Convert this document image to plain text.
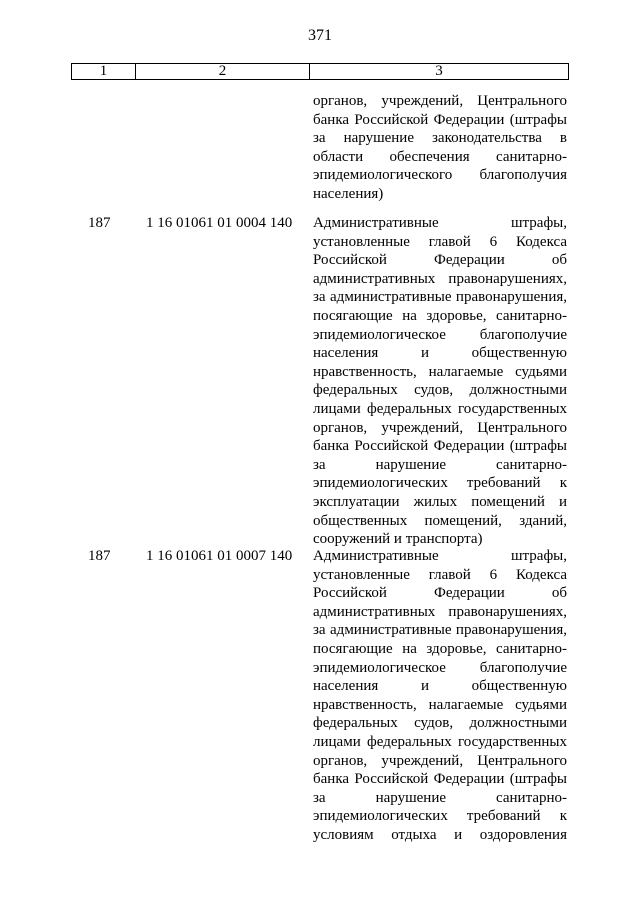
371
1	2	3
органов, учреждений, Центрального
банка Российской Федерации (штрафы
за нарушение законодательства в
области обеспечения санитарно-
эпидемиологического благополучия
населения)
187 1 16 01061 01 0004 140 Административные штрафы,
установленные главой 6 Кодекса
Российской Федерации об
административных правонарушениях,
за административные правонарушения,
посягающие на здоровье, санитарно-
эпидемиологическое благополучие
населения и общественную
нравственность, налагаемые судьями
федеральных судов, должностными
лицами федеральных государственных
органов, учреждений, Центрального
банка Российской Федерации (штрафы
за нарушение санитарно-
эпидемиологических требований к
эксплуатации жилых помещений и
общественных помещений, зданий,
сооружений и транспорта)
187 1 16 01061 01 0007 140 Административные штрафы,
установленные главой 6 Кодекса
Российской Федерации об
административных правонарушениях,
за административные правонарушения,
посягающие на здоровье, санитарно-
эпидемиологическое благополучие
населения и общественную
нравственность, налагаемые судьями
федеральных судов, должностными
лицами федеральных государственных
органов, учреждений, Центрального
банка Российской Федерации (штрафы
за нарушение санитарно-
эпидемиологических требований к
условиям отдыха и оздоровления
